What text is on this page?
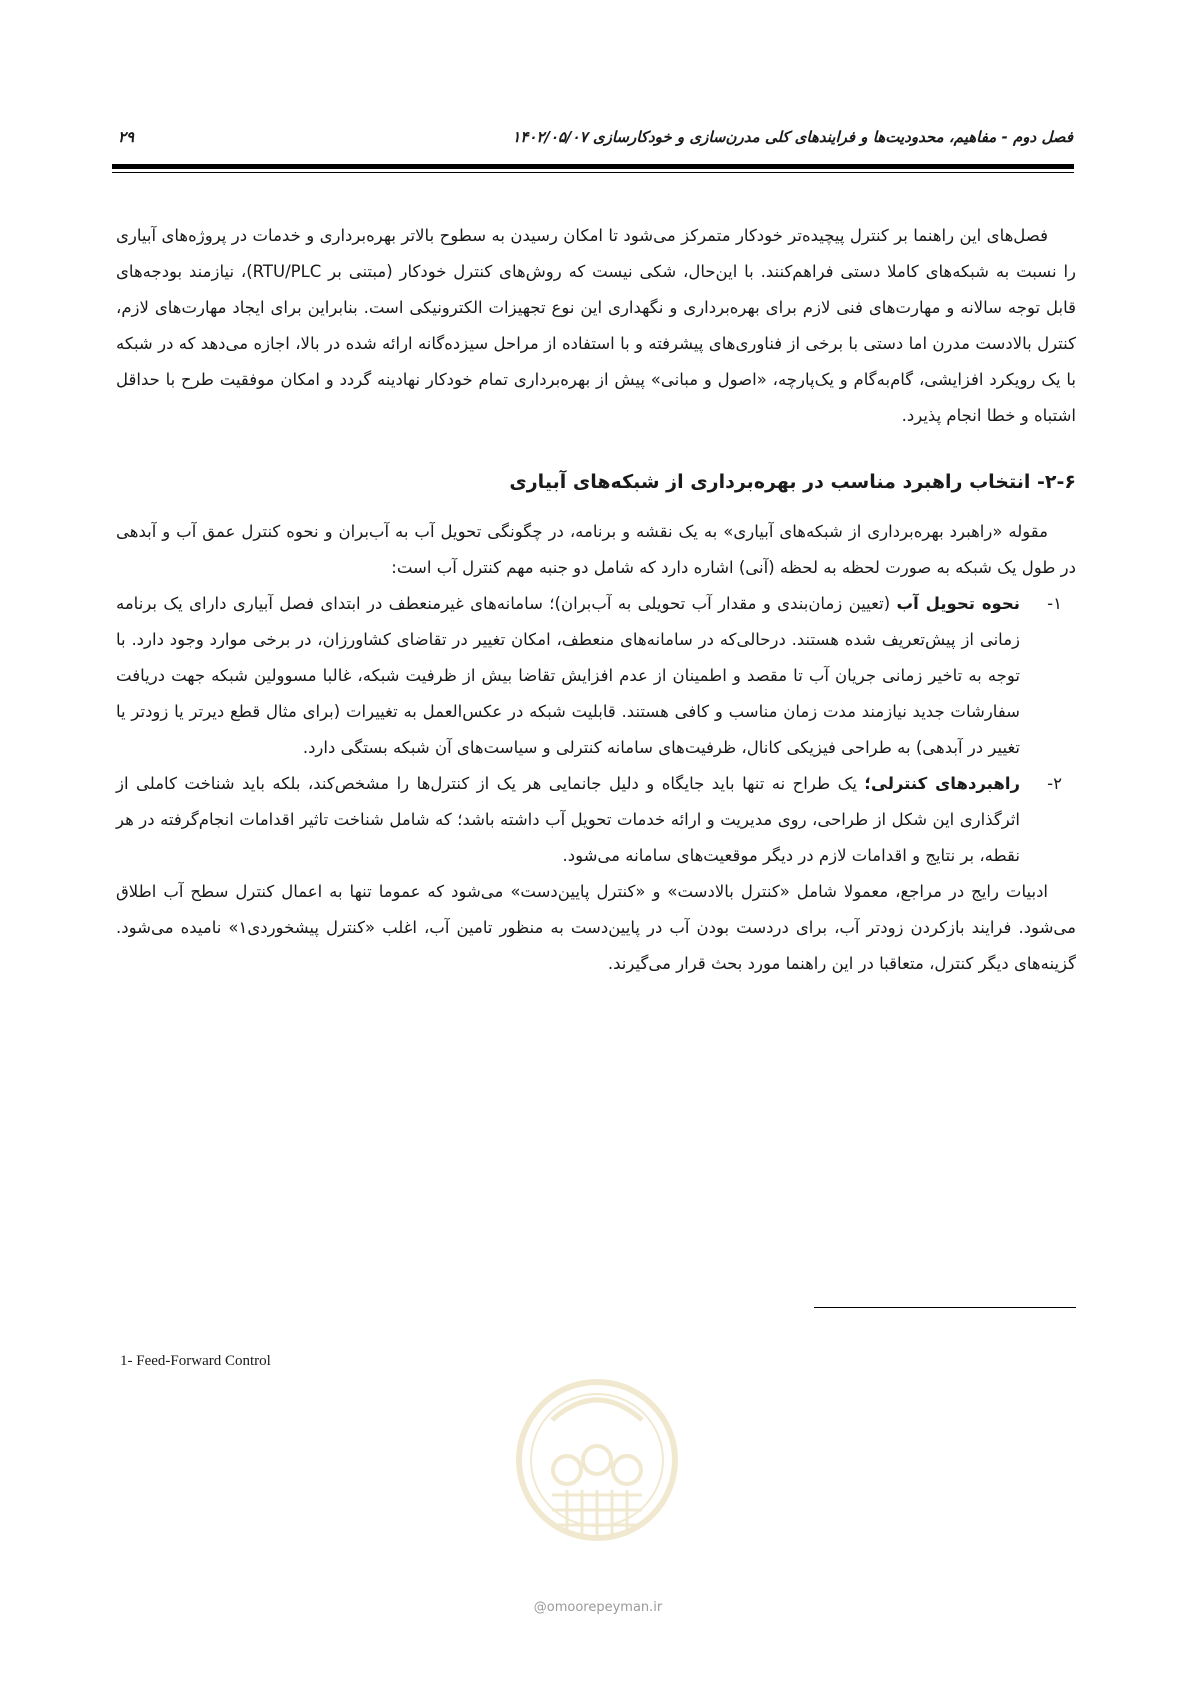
فصل دوم - مفاهیم، محدودیت‌ها و فرایندهای کلی مدرن‌سازی و خودکارسازی ۱۴۰۲/۰۵/۰۷
۲۹

فصل‌های این راهنما بر کنترل پیچیده‌تر خودکار متمرکز می‌شود تا امکان رسیدن به سطوح بالاتر بهره‌برداری و خدمات در پروژه‌های آبیاری را نسبت به شبکه‌های کاملا دستی فراهم‌کنند. با این‌حال، شکی نیست که روش‌های کنترل خودکار (مبتنی بر RTU/PLC)، نیازمند بودجه‌های قابل توجه سالانه و مهارت‌های فنی لازم برای بهره‌برداری و نگهداری این نوع تجهیزات الکترونیکی است. بنابراین برای ایجاد مهارت‌های لازم، کنترل بالادست مدرن اما دستی با برخی از فناوری‌های پیشرفته و با استفاده از مراحل سیزده‌گانه ارائه شده در بالا، اجازه می‌دهد که در شبکه با یک رویکرد افزایشی، گام‌به‌گام و یک‌پارچه، «اصول و مبانی» پیش از بهره‌برداری تمام خودکار نهادینه گردد و امکان موفقیت طرح با حداقل اشتباه و خطا انجام پذیرد.

۲-۶- انتخاب راهبرد مناسب در بهره‌برداری از شبکه‌های آبیاری

مقوله «راهبرد بهره‌برداری از شبکه‌های آبیاری» به یک نقشه و برنامه، در چگونگی تحویل آب به آب‌بران و نحوه کنترل عمق آب و آبدهی در طول یک شبکه به صورت لحظه به لحظه (آنی) اشاره دارد که شامل دو جنبه مهم کنترل آب است:

۱-
نحوه تحویل آب (تعیین زمان‌بندی و مقدار آب تحویلی به آب‌بران)؛ سامانه‌های غیرمنعطف در ابتدای فصل آبیاری دارای یک برنامه زمانی از پیش‌تعریف شده هستند. درحالی‌که در سامانه‌های منعطف، امکان تغییر در تقاضای کشاورزان، در برخی موارد وجود دارد. با توجه به تاخیر زمانی جریان آب تا مقصد و اطمینان از عدم افزایش تقاضا بیش از ظرفیت شبکه، غالبا مسوولین شبکه جهت دریافت سفارشات جدید نیازمند مدت زمان مناسب و کافی هستند. قابلیت شبکه در عکس‌العمل به تغییرات (برای مثال قطع دیرتر یا زودتر یا تغییر در آبدهی) به طراحی فیزیکی کانال، ظرفیت‌های سامانه کنترلی و سیاست‌های آن شبکه بستگی دارد.
۲-
راهبردهای کنترلی؛ یک طراح نه تنها باید جایگاه و دلیل جانمایی هر یک از کنترل‌ها را مشخص‌کند، بلکه باید شناخت کاملی از اثرگذاری این شکل از طراحی، روی مدیریت و ارائه خدمات تحویل آب داشته باشد؛ که شامل شناخت تاثیر اقدامات انجام‌گرفته در هر نقطه، بر نتایج و اقدامات لازم در دیگر موقعیت‌های سامانه می‌شود.

ادبیات رایج در مراجع، معمولا شامل «کنترل بالادست» و «کنترل پایین‌دست» می‌شود که عموما تنها به اعمال کنترل سطح آب اطلاق می‌شود. فرایند بازکردن زودتر آب، برای دردست بودن آب در پایین‌دست به منظور تامین آب، اغلب «کنترل پیشخوردی۱» نامیده می‌شود. گزینه‌های دیگر کنترل، متعاقبا در این راهنما مورد بحث قرار می‌گیرند.

1- Feed-Forward Control
@omoorepeyman.ir
